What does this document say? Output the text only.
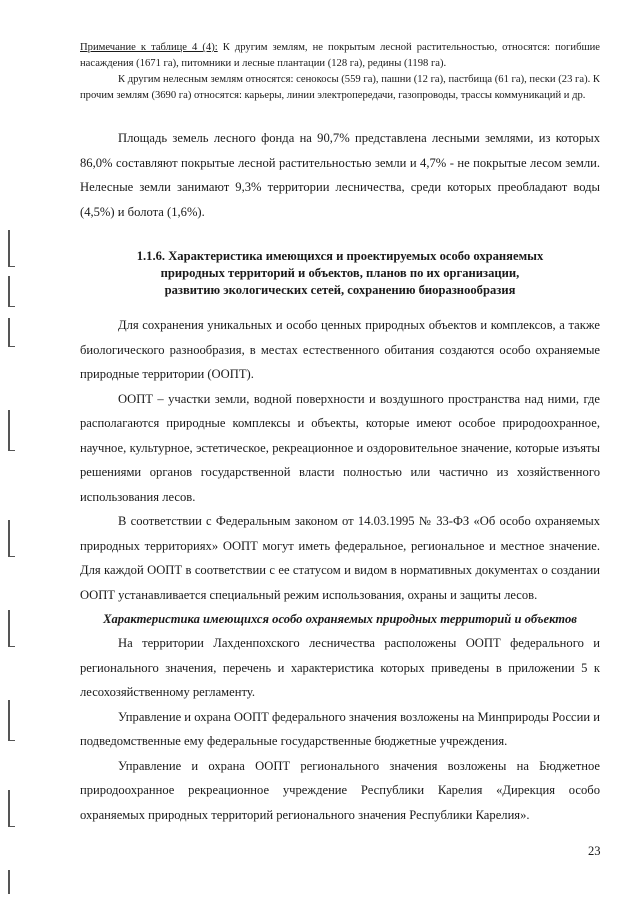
Примечание к таблице 4 (4): К другим землям, не покрытым лесной растительностью, относятся: погибшие насаждения (1671 га), питомники и лесные плантации (128 га), редины (1198 га).

К другим нелесным землям относятся: сенокосы (559 га), пашни (12 га), пастбища (61 га), пески (23 га). К прочим землям (3690 га) относятся: карьеры, линии электропередачи, газопроводы, трассы коммуникаций и др.

Площадь земель лесного фонда на 90,7% представлена лесными землями, из которых 86,0% составляют покрытые лесной растительностью земли и 4,7% - не покрытые лесом земли. Нелесные земли занимают 9,3% территории лесничества, среди которых преобладают воды (4,5%) и болота (1,6%).

1.1.6. Характеристика имеющихся и проектируемых особо охраняемых
природных территорий и объектов, планов по их организации,
развитию экологических сетей, сохранению биоразнообразия

Для сохранения уникальных и особо ценных природных объектов и комплексов, а также биологического разнообразия, в местах естественного обитания создаются особо охраняемые природные территории (ООПТ).

ООПТ – участки земли, водной поверхности и воздушного пространства над ними, где располагаются природные комплексы и объекты, которые имеют особое природоохранное, научное, культурное, эстетическое, рекреационное и оздоровительное значение, которые изъяты решениями органов государственной власти полностью или частично из хозяйственного использования лесов.

В соответствии с Федеральным законом от 14.03.1995 № 33-ФЗ «Об особо охраняемых природных территориях» ООПТ могут иметь федеральное, региональное и местное значение. Для каждой ООПТ в соответствии с ее статусом и видом в нормативных документах о создании ООПТ устанавливается специальный режим использования, охраны и защиты лесов.

Характеристика имеющихся особо охраняемых природных территорий и объектов

На территории Лахденпохского лесничества расположены ООПТ федерального и регионального значения, перечень и характеристика которых приведены в приложении 5 к лесохозяйственному регламенту.

Управление и охрана ООПТ федерального значения возложены на Минприроды России и подведомственные ему федеральные государственные бюджетные учреждения.

Управление и охрана ООПТ регионального значения возложены на Бюджетное природоохранное рекреационное учреждение Республики Карелия «Дирекция особо охраняемых природных территорий регионального значения Республики Карелия».

23
